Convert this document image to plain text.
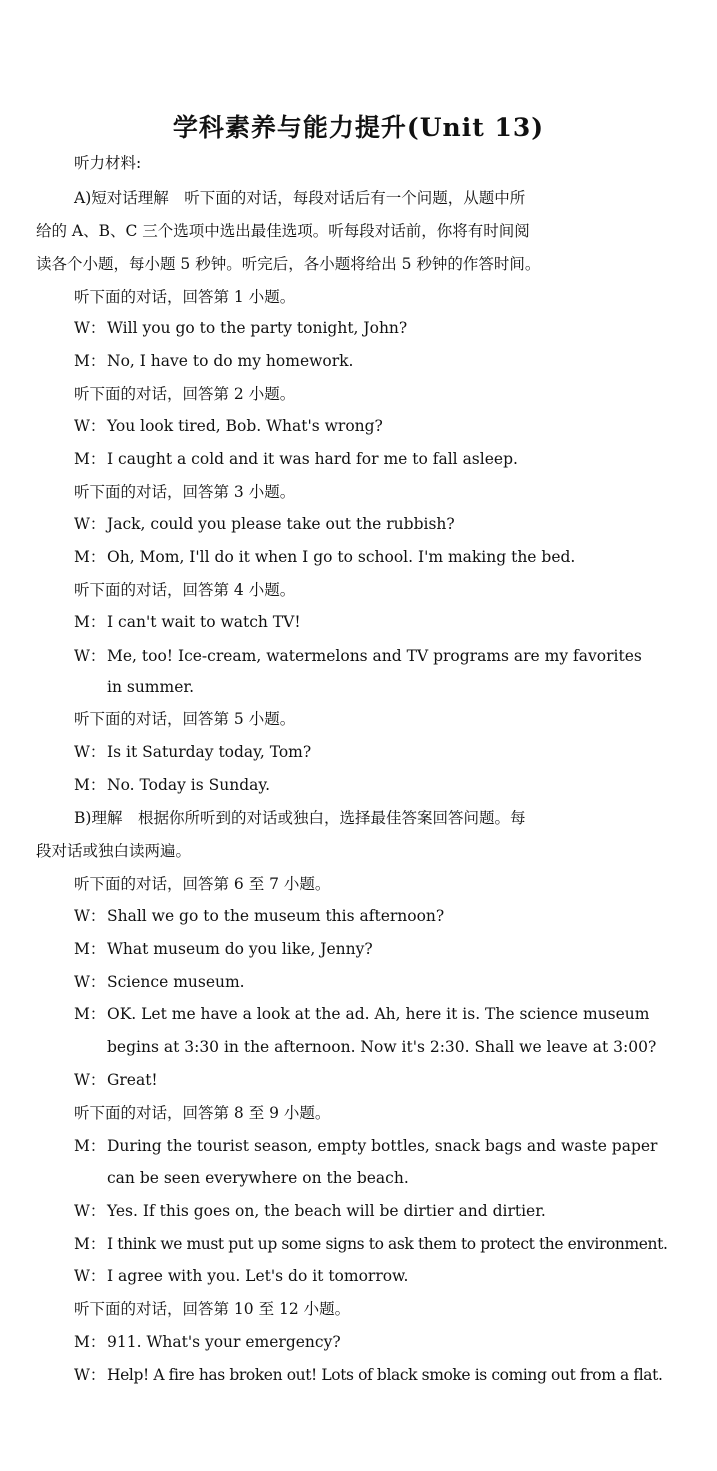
学科素养与能力提升(Unit 13)
听力材料:
A)短对话理解　听下面的对话，每段对话后有一个问题，从题中所
给的 A、B、C 三个选项中选出最佳选项。听每段对话前，你将有时间阅
读各个小题，每小题 5 秒钟。听完后，各小题将给出 5 秒钟的作答时间。
听下面的对话，回答第 1 小题。
W： Will you go to the party tonight, John?
M： No, I have to do my homework.
听下面的对话，回答第 2 小题。
W： You look tired, Bob. What's wrong?
M： I caught a cold and it was hard for me to fall asleep.
听下面的对话，回答第 3 小题。
W： Jack, could you please take out the rubbish?
M： Oh, Mom, I'll do it when I go to school. I'm making the bed.
听下面的对话，回答第 4 小题。
M： I can't wait to watch TV!
W： Me, too! Ice-cream, watermelons and TV programs are my favorites
in summer.
听下面的对话，回答第 5 小题。
W： Is it Saturday today, Tom?
M： No. Today is Sunday.
B)理解　根据你所听到的对话或独白，选择最佳答案回答问题。每
段对话或独白读两遍。
听下面的对话，回答第 6 至 7 小题。
W： Shall we go to the museum this afternoon?
M： What museum do you like, Jenny?
W： Science museum.
M： OK. Let me have a look at the ad. Ah, here it is. The science museum
begins at 3:30 in the afternoon. Now it's 2:30. Shall we leave at 3:00?
W： Great!
听下面的对话，回答第 8 至 9 小题。
M： During the tourist season, empty bottles, snack bags and waste paper
can be seen everywhere on the beach.
W： Yes. If this goes on, the beach will be dirtier and dirtier.
M： I think we must put up some signs to ask them to protect the environment.
W： I agree with you. Let's do it tomorrow.
听下面的对话，回答第 10 至 12 小题。
M： 911. What's your emergency?
W： Help! A fire has broken out! Lots of black smoke is coming out from a flat.
